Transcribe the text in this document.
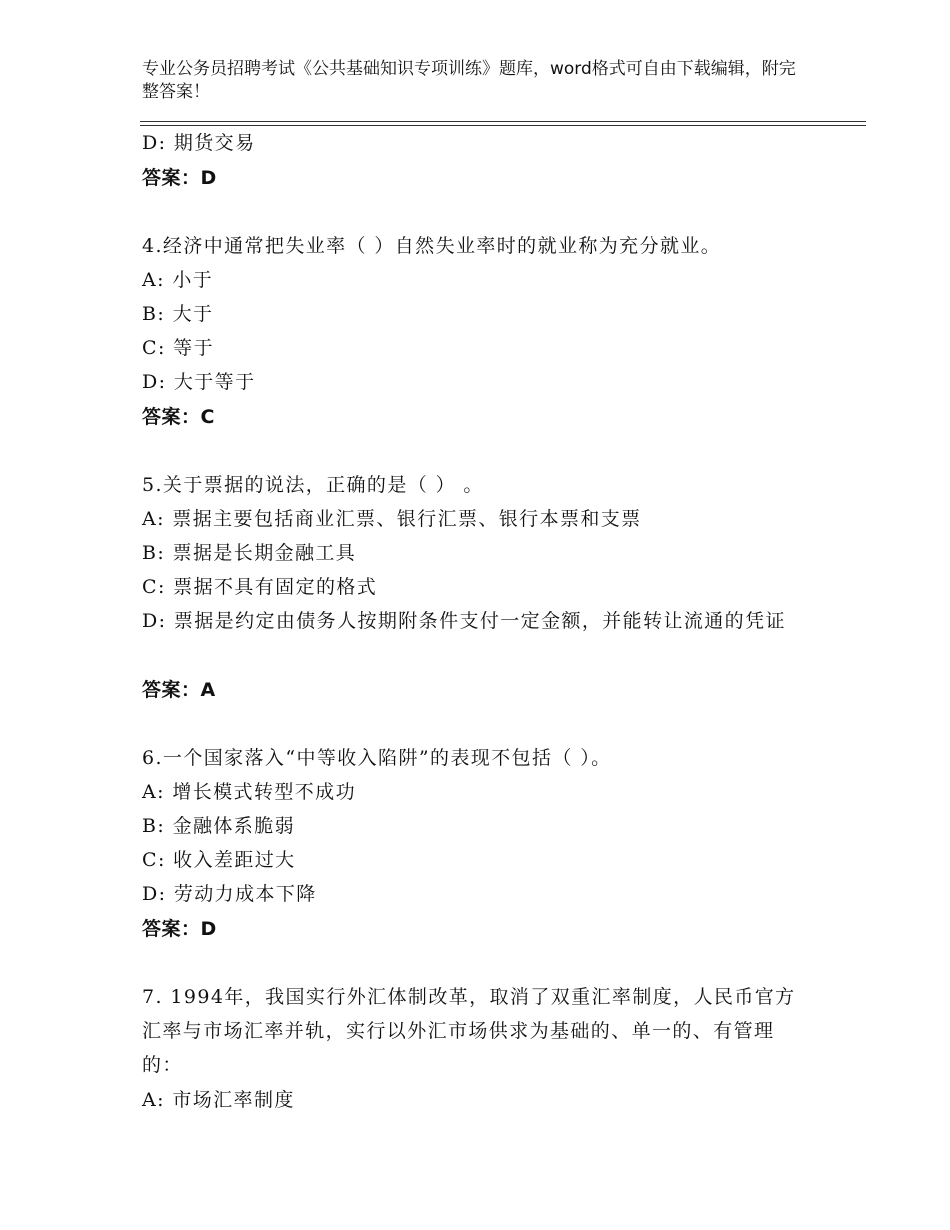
专业公务员招聘考试《公共基础知识专项训练》题库，word格式可自由下载编辑，附完整答案！
D: 期货交易
答案：D
4.经济中通常把失业率（ ）自然失业率时的就业称为充分就业。
A: 小于
B: 大于
C: 等于
D: 大于等于
答案：C
5.关于票据的说法，正确的是（ ） 。
A: 票据主要包括商业汇票、银行汇票、银行本票和支票
B: 票据是长期金融工具
C: 票据不具有固定的格式
D: 票据是约定由债务人按期附条件支付一定金额，并能转让流通的凭证
答案：A
6.一个国家落入“中等收入陷阱”的表现不包括（ ）。
A: 增长模式转型不成功
B: 金融体系脆弱
C: 收入差距过大
D: 劳动力成本下降
答案：D
7. 1994年，我国实行外汇体制改革，取消了双重汇率制度，人民币官方汇率与市场汇率并轨，实行以外汇市场供求为基础的、单一的、有管理的：
A: 市场汇率制度
